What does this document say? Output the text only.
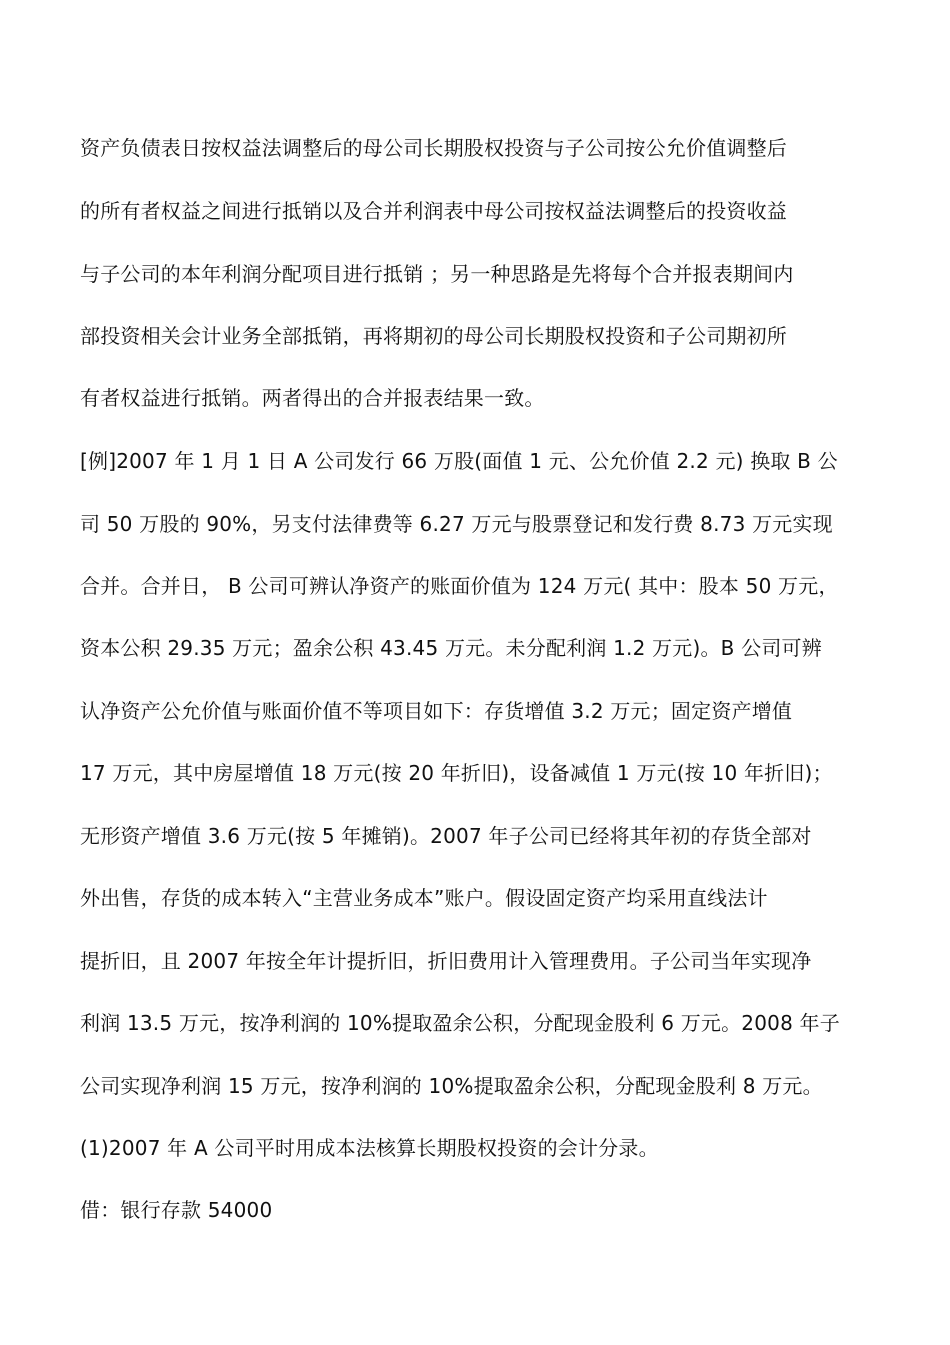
资产负债表日按权益法调整后的母公司长期股权投资与子公司按公允价值调整后

的所有者权益之间进行抵销以及合并利润表中母公司按权益法调整后的投资收益

与子公司的本年利润分配项目进行抵销 ；另一种思路是先将每个合并报表期间内

部投资相关会计业务全部抵销，再将期初的母公司长期股权投资和子公司期初所

有者权益进行抵销。两者得出的合并报表结果一致。

[例]2007 年 1 月 1 日 A 公司发行 66 万股(面值 1 元、公允价值 2.2 元) 换取 B 公

司 50 万股的 90%，另支付法律费等 6.27 万元与股票登记和发行费 8.73 万元实现

合并。合并日， B 公司可辨认净资产的账面价值为 124 万元( 其中：股本 50 万元，

资本公积 29.35 万元；盈余公积 43.45 万元。未分配利润 1.2 万元)。B 公司可辨

认净资产公允价值与账面价值不等项目如下：存货增值 3.2 万元；固定资产增值

17 万元，其中房屋增值 18 万元(按 20 年折旧)，设备减值 1 万元(按 10 年折旧)；

无形资产增值 3.6 万元(按 5 年摊销)。2007 年子公司已经将其年初的存货全部对

外出售，存货的成本转入“主营业务成本”账户。假设固定资产均采用直线法计

提折旧，且 2007 年按全年计提折旧，折旧费用计入管理费用。子公司当年实现净

利润 13.5 万元，按净利润的 10%提取盈余公积，分配现金股利 6 万元。2008 年子

公司实现净利润 15 万元，按净利润的 10%提取盈余公积，分配现金股利 8 万元。

(1)2007 年 A 公司平时用成本法核算长期股权投资的会计分录。

借：银行存款 54000
